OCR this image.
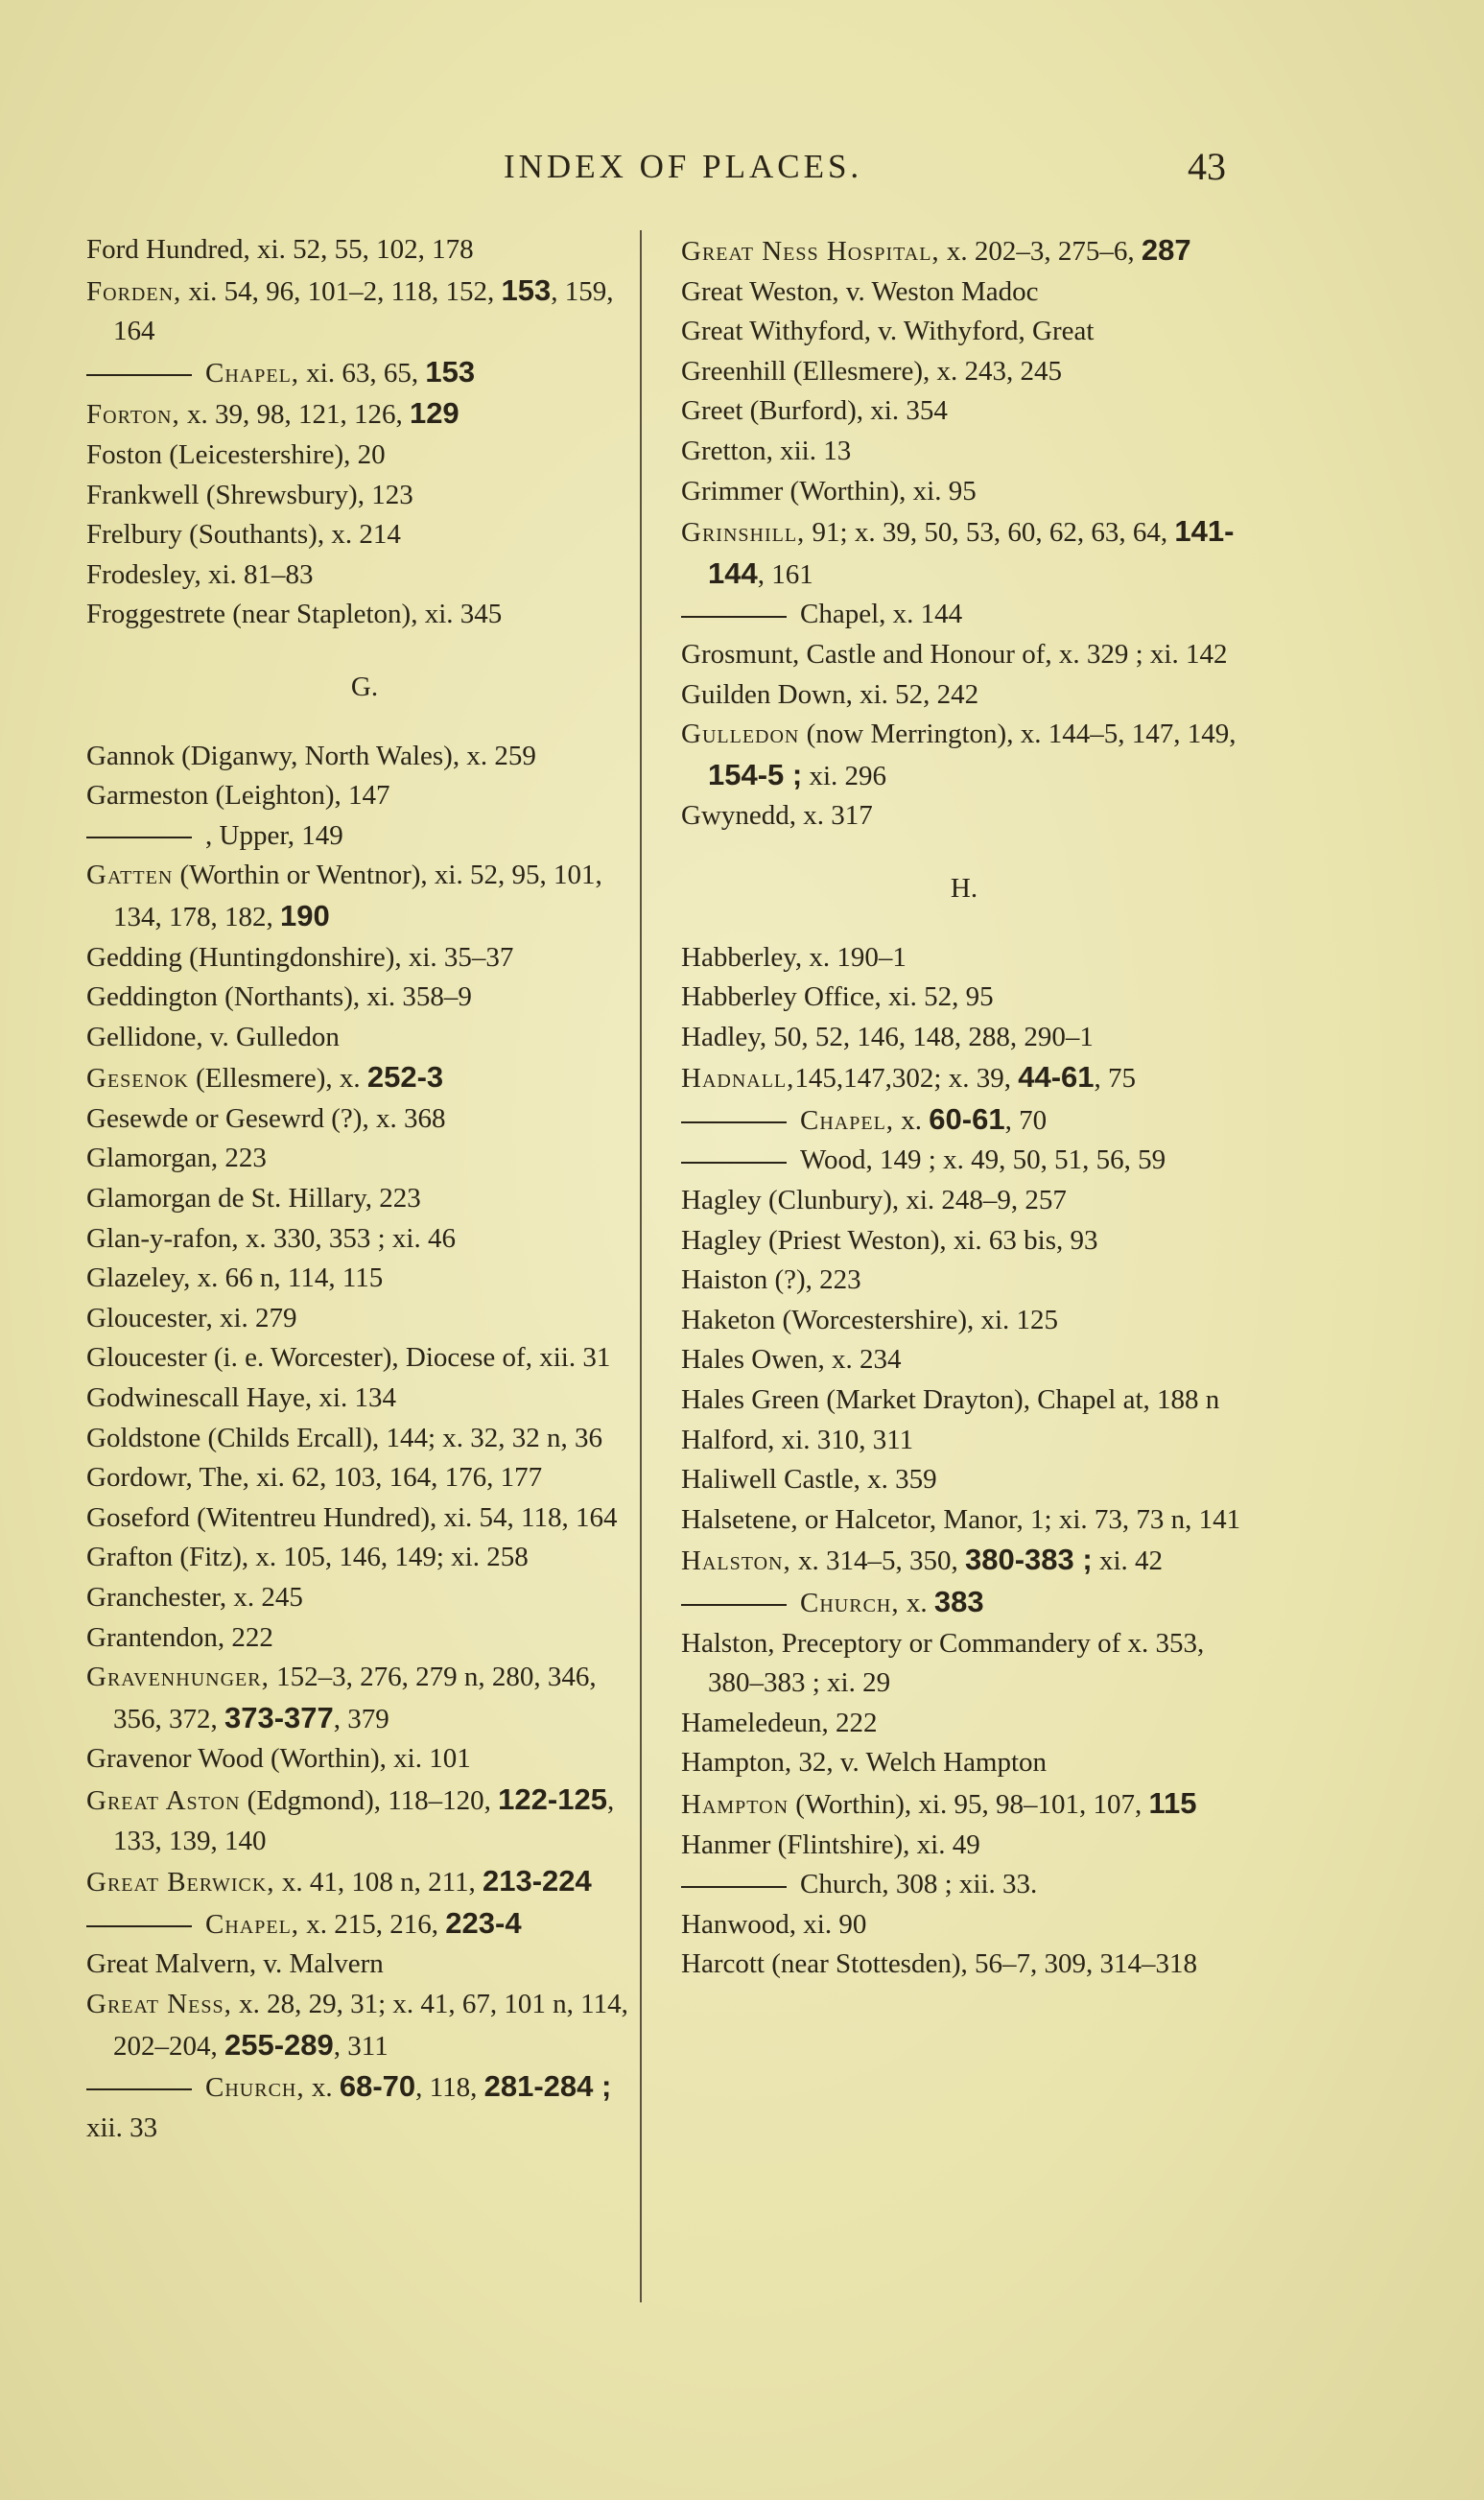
INDEX OF PLACES.	43
Ford Hundred, xi. 52, 55, 102, 178
Forden, xi. 54, 96, 101–2, 118, 152, 153, 159, 164
Chapel, xi. 63, 65, 153
Forton, x. 39, 98, 121, 126, 129
Foston (Leicestershire), 20
Frankwell (Shrewsbury), 123
Frelbury (Southants), x. 214
Frodesley, xi. 81–83
Froggestrete (near Stapleton), xi. 345
G.
Gannok (Diganwy, North Wales), x. 259
Garmeston (Leighton), 147
, Upper, 149
Gatten (Worthin or Wentnor), xi. 52, 95, 101, 134, 178, 182, 190
Gedding (Huntingdonshire), xi. 35–37
Geddington (Northants), xi. 358–9
Gellidone, v. Gulledon
Gesenok (Ellesmere), x. 252-3
Gesewde or Gesewrd (?), x. 368
Glamorgan, 223
Glamorgan de St. Hillary, 223
Glan-y-rafon, x. 330, 353 ; xi. 46
Glazeley, x. 66 n, 114, 115
Gloucester, xi. 279
Gloucester (i. e. Worcester), Diocese of, xii. 31
Godwinescall Haye, xi. 134
Goldstone (Childs Ercall), 144; x. 32, 32 n, 36
Gordowr, The, xi. 62, 103, 164, 176, 177
Goseford (Witentreu Hundred), xi. 54, 118, 164
Grafton (Fitz), x. 105, 146, 149; xi. 258
Granchester, x. 245
Grantendon, 222
Gravenhunger, 152–3, 276, 279 n, 280, 346, 356, 372, 373-377, 379
Gravenor Wood (Worthin), xi. 101
Great Aston (Edgmond), 118–120, 122-125, 133, 139, 140
Great Berwick, x. 41, 108 n, 211, 213-224
Chapel, x. 215, 216, 223-4
Great Malvern, v. Malvern
Great Ness, x. 28, 29, 31; x. 41, 67, 101 n, 114, 202–204, 255-289, 311
Church, x. 68-70, 118, 281-284 ; xii. 33
Great Ness Hospital, x. 202–3, 275–6, 287
Great Weston, v. Weston Madoc
Great Withyford, v. Withyford, Great
Greenhill (Ellesmere), x. 243, 245
Greet (Burford), xi. 354
Gretton, xii. 13
Grimmer (Worthin), xi. 95
Grinshill, 91; x. 39, 50, 53, 60, 62, 63, 64, 141-144, 161
Chapel, x. 144
Grosmunt, Castle and Honour of, x. 329 ; xi. 142
Guilden Down, xi. 52, 242
Gulledon (now Merrington), x. 144–5, 147, 149, 154-5 ; xi. 296
Gwynedd, x. 317
H.
Habberley, x. 190–1
Habberley Office, xi. 52, 95
Hadley, 50, 52, 146, 148, 288, 290–1
Hadnall,145,147,302; x. 39, 44-61, 75
Chapel, x. 60-61, 70
Wood, 149 ; x. 49, 50, 51, 56, 59
Hagley (Clunbury), xi. 248–9, 257
Hagley (Priest Weston), xi. 63 bis, 93
Haiston (?), 223
Haketon (Worcestershire), xi. 125
Hales Owen, x. 234
Hales Green (Market Drayton), Chapel at, 188 n
Halford, xi. 310, 311
Haliwell Castle, x. 359
Halsetene, or Halcetor, Manor, 1; xi. 73, 73 n, 141
Halston, x. 314–5, 350, 380-383 ; xi. 42
Church, x. 383
Halston, Preceptory or Commandery of x. 353, 380–383 ; xi. 29
Hameledeun, 222
Hampton, 32, v. Welch Hampton
Hampton (Worthin), xi. 95, 98–101, 107, 115
Hanmer (Flintshire), xi. 49
Church, 308 ; xii. 33.
Hanwood, xi. 90
Harcott (near Stottesden), 56–7, 309, 314–318
